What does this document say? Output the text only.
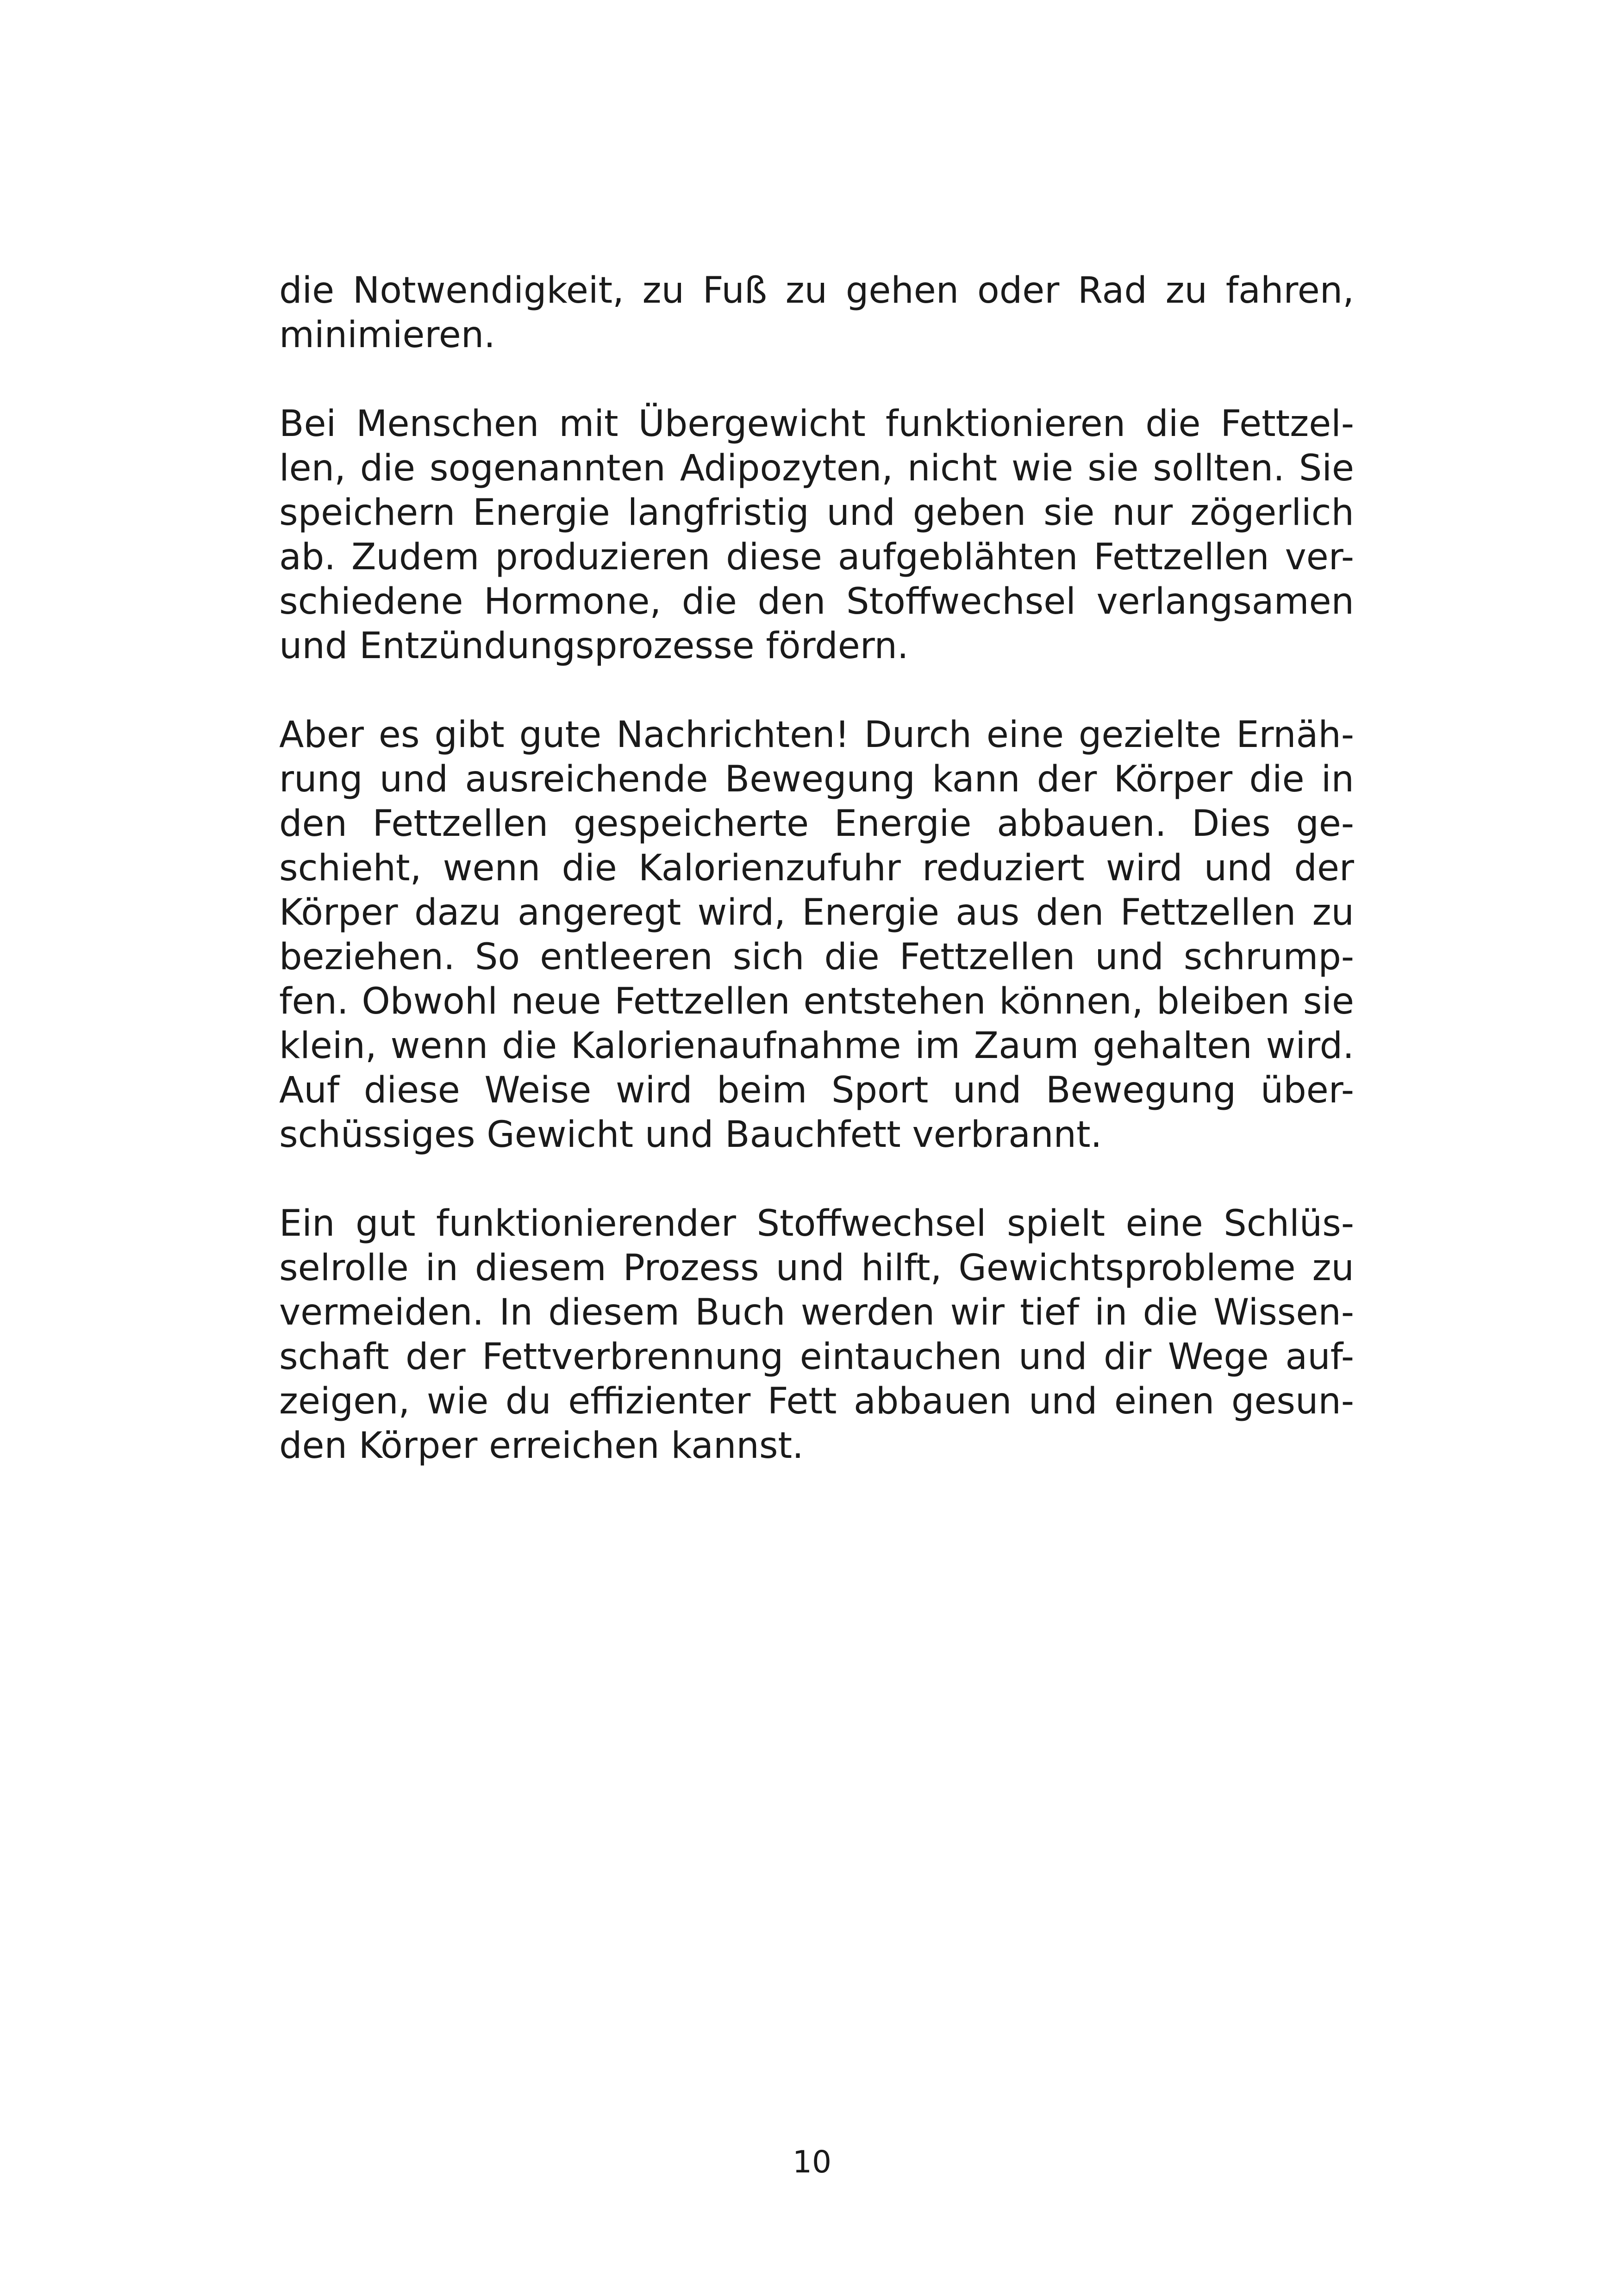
die Notwendigkeit, zu Fuß zu gehen oder Rad zu fahren,
minimieren.

Bei Menschen mit Übergewicht funktionieren die Fettzel-
len, die sogenannten Adipozyten, nicht wie sie sollten. Sie
speichern Energie langfristig und geben sie nur zögerlich
ab. Zudem produzieren diese aufgeblähten Fettzellen ver-
schiedene Hormone, die den Stoffwechsel verlangsamen
und Entzündungsprozesse fördern.

Aber es gibt gute Nachrichten! Durch eine gezielte Ernäh-
rung und ausreichende Bewegung kann der Körper die in
den Fettzellen gespeicherte Energie abbauen. Dies ge-
schieht, wenn die Kalorienzufuhr reduziert wird und der
Körper dazu angeregt wird, Energie aus den Fettzellen zu
beziehen. So entleeren sich die Fettzellen und schrump-
fen. Obwohl neue Fettzellen entstehen können, bleiben sie
klein, wenn die Kalorienaufnahme im Zaum gehalten wird.
Auf diese Weise wird beim Sport und Bewegung über-
schüssiges Gewicht und Bauchfett verbrannt.

Ein gut funktionierender Stoffwechsel spielt eine Schlüs-
selrolle in diesem Prozess und hilft, Gewichtsprobleme zu
vermeiden. In diesem Buch werden wir tief in die Wissen-
schaft der Fettverbrennung eintauchen und dir Wege auf-
zeigen, wie du effizienter Fett abbauen und einen gesun-
den Körper erreichen kannst.

10
